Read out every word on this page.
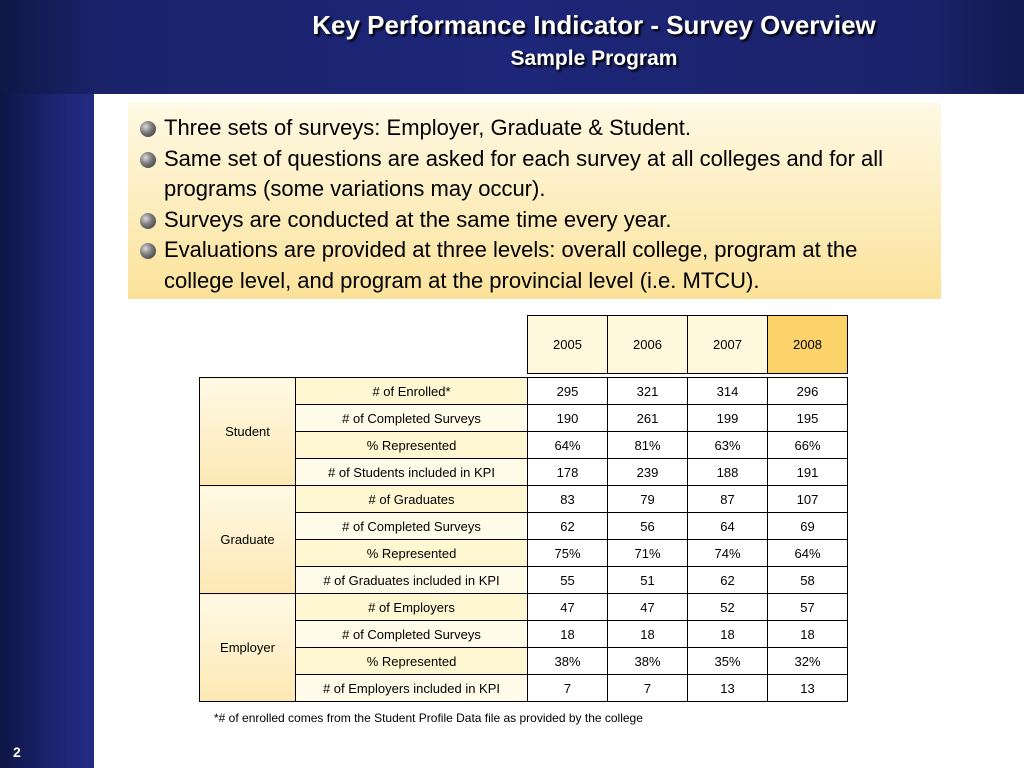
Key Performance Indicator - Survey Overview
Sample Program
2
Three sets of surveys: Employer, Graduate & Student.
Same set of questions are asked for each survey at all colleges and for all programs (some variations may occur).
Surveys are conducted at the same time every year.
Evaluations are provided at three levels: overall college, program at the college level, and program at the provincial level (i.e. MTCU).
		2005	2006	2007	2008

Student	# of Enrolled*	295	321	314	296
	# of Completed Surveys	190	261	199	195
	% Represented	64%	81%	63%	66%
	# of Students included in KPI	178	239	188	191
Graduate	# of Graduates	83	79	87	107
	# of Completed Surveys	62	56	64	69
	% Represented	75%	71%	74%	64%
	# of Graduates included in KPI	55	51	62	58
Employer	# of Employers	47	47	52	57
	# of Completed Surveys	18	18	18	18
	% Represented	38%	38%	35%	32%
	# of Employers included in KPI	7	7	13	13
*# of enrolled comes from the Student Profile Data file as provided by the college
